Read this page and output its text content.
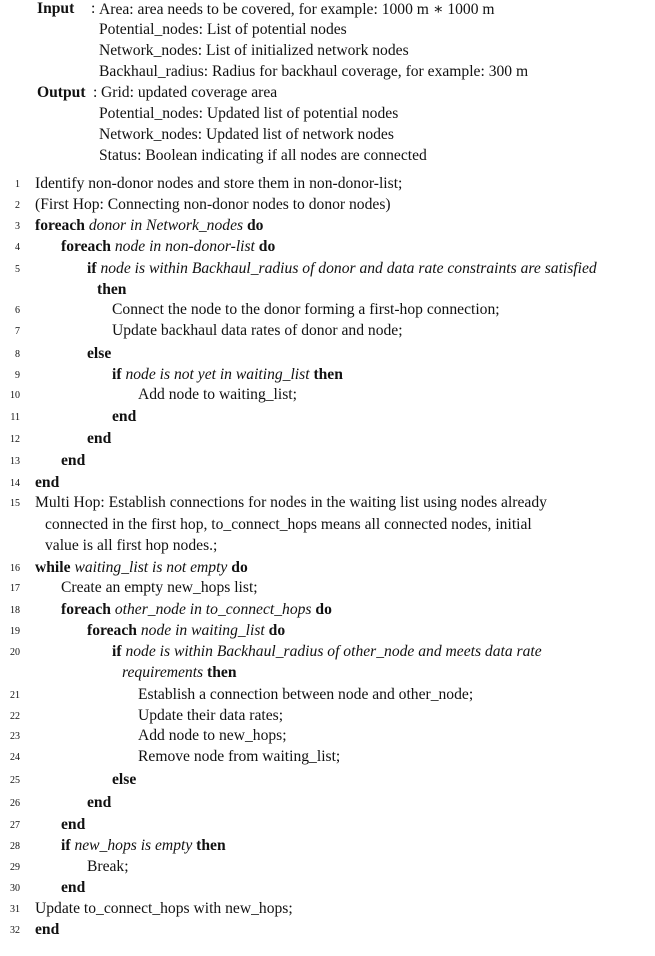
Input : Area: area needs to be covered, for example: 1000 m ∗ 1000 m
Potential_nodes: List of potential nodes
Network_nodes: List of initialized network nodes
Backhaul_radius: Radius for backhaul coverage, for example: 300 m
Output : Grid: updated coverage area
Potential_nodes: Updated list of potential nodes
Network_nodes: Updated list of network nodes
Status: Boolean indicating if all nodes are connected
1 Identify non-donor nodes and store them in non-donor-list;
2 (First Hop: Connecting non-donor nodes to donor nodes)
3 foreach donor in Network_nodes do
4	foreach node in non-donor-list do
5	if node is within Backhaul_radius of donor and data rate constraints are satisfied
then
6	Connect the node to the donor forming a first-hop connection;
7	Update backhaul data rates of donor and node;
8	else
9	if node is not yet in waiting_list then
10	Add node to waiting_list;
11	end
12	end
13	end
14 end
15 Multi Hop: Establish connections for nodes in the waiting list using nodes already
connected in the first hop, to_connect_hops means all connected nodes, initial
value is all first hop nodes.;
16 while waiting_list is not empty do
17	Create an empty new_hops list;
18	foreach other_node in to_connect_hops do
19	foreach node in waiting_list do
20	if node is within Backhaul_radius of other_node and meets data rate
requirements then
21	Establish a connection between node and other_node;
22	Update their data rates;
23	Add node to new_hops;
24	Remove node from waiting_list;
25	else
26	end
27	end
28	if new_hops is empty then
29	Break;
30	end
31 Update to_connect_hops with new_hops;
32 end
